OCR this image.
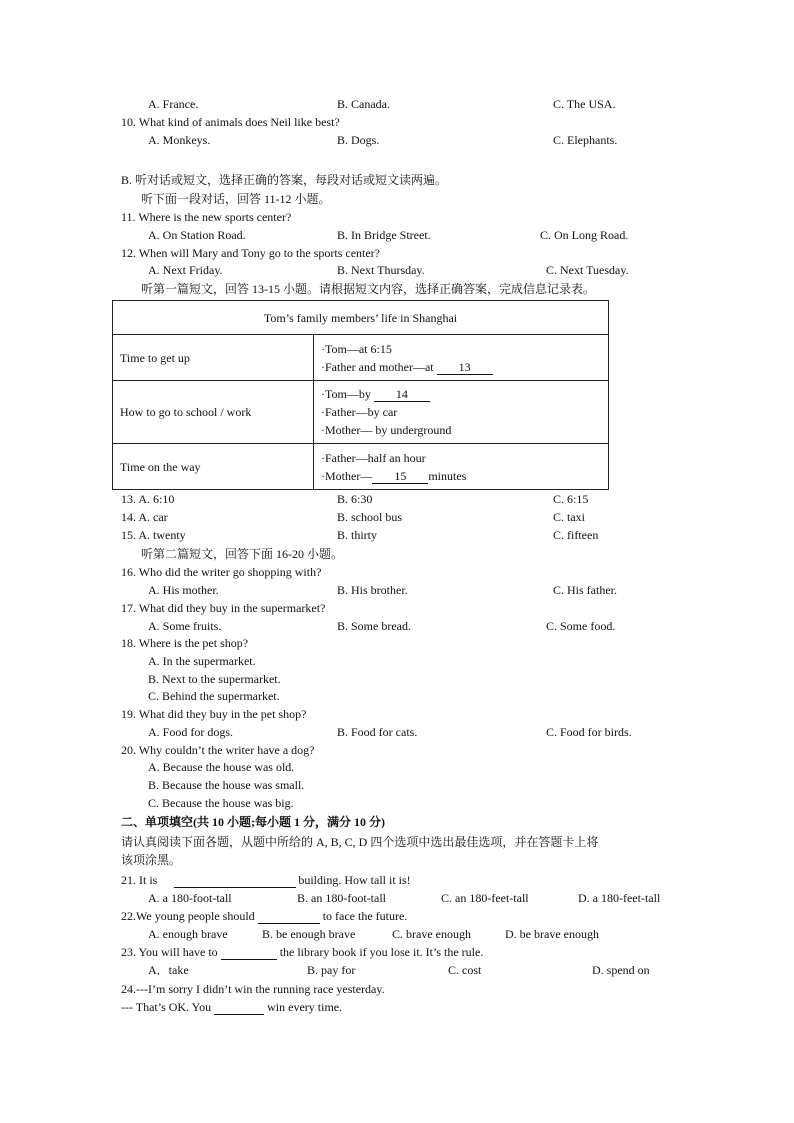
A. France.	B. Canada.	C. The USA.
10. What kind of animals does Neil like best?
A. Monkeys.	B. Dogs.	C. Elephants.
B. 听对话或短文，选择正确的答案，每段对话或短文读两遍。
听下面一段对话，回答 11-12 小题。
11. Where is the new sports center?
A. On Station Road.	B. In Bridge Street.	C. On Long Road.
12. When will Mary and Tony go to the sports center?
A. Next Friday.	B. Next Thursday.	C. Next Tuesday.
听第一篇短文，回答 13-15 小题。请根据短文内容，选择正确答案，完成信息记录表。
Tom’s family members’ life in Shanghai	
Time to get up	·Tom—at 6:15
·Father and mother—at 13

How to go to school / work	·Tom—by 14
·Father—by car
·Mother— by underground

Time on the way	·Father—half an hour
·Mother— 15 minutes
13. A. 6:10	B. 6:30	C. 6:15
14. A. car	B. school bus	C. taxi
15. A. twenty	B. thirty	C. fifteen
听第二篇短文，回答下面 16-20 小题。
16. Who did the writer go shopping with?
A. His mother.	B. His brother.	C. His father.
17. What did they buy in the supermarket?
A. Some fruits.	B. Some bread.	C. Some food.
18. Where is the pet shop?
A. In the supermarket.
B. Next to the supermarket.
C. Behind the supermarket.
19. What did they buy in the pet shop?
A. Food for dogs.	B. Food for cats.	C. Food for birds.
20. Why couldn’t the writer have a dog?
A. Because the house was old.
B. Because the house was small.
C. Because the house was big.
二、单项填空(共 10 小题;每小题 1 分，满分 10 分)
请认真阅读下面各题，从题中所给的 A, B, C, D 四个选项中选出最佳选项，并在答题卡上将
该项涂黑。
21. It is	building. How tall it is!
A. a 180-foot-tall	B. an 180-foot-tall	C. an 180-feet-tall	D. a 180-feet-tall
22.We young people should	to face the future.
A. enough brave	B. be enough brave	C. brave enough	D. be brave enough
23. You will have to	the library book if you lose it. It’s the rule.
A．take	B. pay for	C. cost	D. spend on
24.---I’m sorry I didn’t win the running race yesterday.
--- That’s OK. You	win every time.
